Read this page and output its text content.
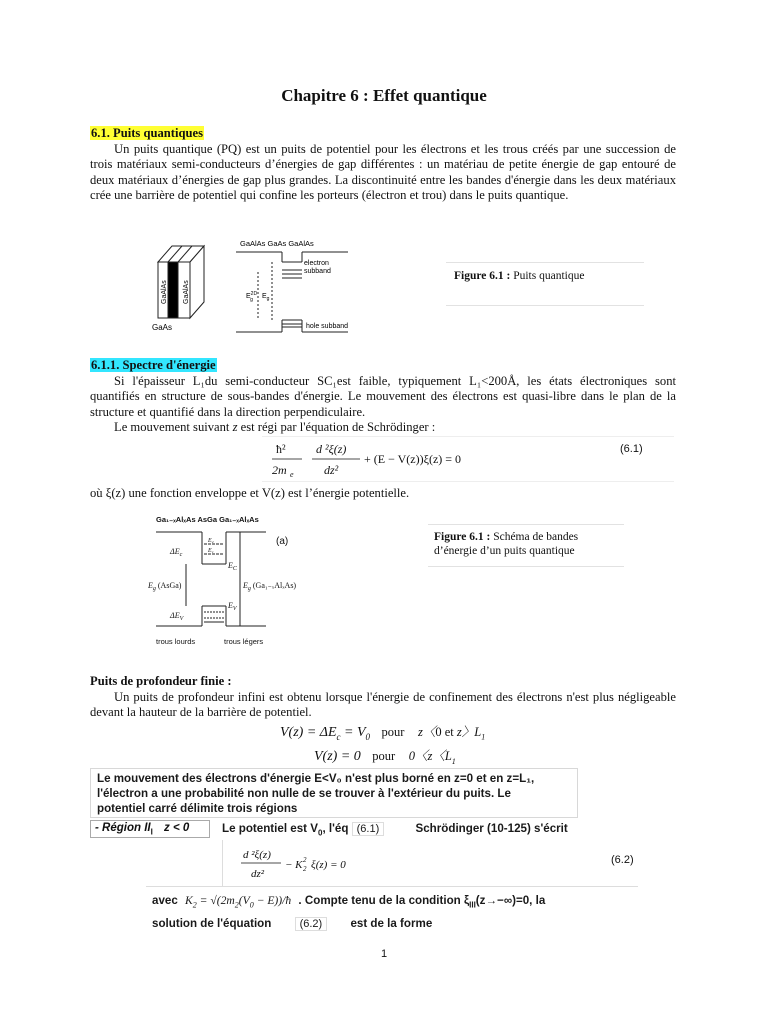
Chapitre 6 : Effet quantique
6.1. Puits quantiques

Un puits quantique (PQ) est un puits de potentiel pour les électrons et les trous créés par une succession de trois matériaux semi-conducteurs d’énergies de gap différentes : un matériau de petite énergie de gap entouré de deux matériaux d’énergies de gap plus grandes. La discontinuité entre les bandes d'énergie dans les deux matériaux crée une barrière de potentiel qui confine les porteurs (électron et trou) dans le puits quantique.

GaAs
GaAlAs GaAlAs
GaAlAs GaAs GaAlAs
electron
subband
hole subband
$E^{2D}$ g	$E_g$
Figure 6.1 : Puits quantique
6.1.1. Spectre d'énergie

Si l'épaisseur L₁du semi-conducteur SC₁est faible, typiquement L₁<200Å, les états électroniques sont quantifiés en structure de sous-bandes d'énergie. Le mouvement des électrons est quasi-libre dans le plan de la structure et quantifié dans la direction perpendiculaire.

Le mouvement suivant z est régi par l'équation de Schrödinger :

ħ²
2m e
d ²ξ(z)
dz²
+ (E − V(z))ξ(z) = 0
(6.1)

où ξ(z) une fonction enveloppe et V(z) est l’énergie potentielle.

Ga₁₋ₓAlₓAs AsGa Ga₁₋ₓAlₓAs
(a)
$\Delta E_c$
E₂
E₁
$E_C$
$E_g$ (AsGa)	$E_g$ (Ga₁₋ₓAlₓAs)
$\Delta E_V$
$E_V$
trous lourds	trous légers
Figure 6.1 : Schéma de bandes d’énergie d’un puits quantique
Puits de profondeur finie :

Un puits de profondeur infini est obtenu lorsque l'énergie de confinement des électrons n'est plus négligeable devant la hauteur de la barrière de potentiel.

$V(z) = \Delta E_c = V_0$ pour z〈0 et z〉$L_1$
V(z) = 0 pour 0〈z〈$L_1$
Le mouvement des électrons d'énergie E<V₀ n'est plus borné en z=0 et en z=L₁,
l'électron a une probabilité non nulle de se trouver à l'extérieur du puits. Le
potentiel carré délimite trois régions
- Région $II_I$ z < 0	Le potentiel est $V_0$, l'éq (6.1)	Schrödinger (10-125) s'écrit
d ²ξ(z)
dz²
− K 2
2 ξ(z) = 0	(6.2)
avec $K_2 = √(2m_2(V_0$ − E))/ħ . Compte tenu de la condition $\xi_{III}(z\to-\infty)=0$, la
solution de l'équation	(6.2) est de la forme
1
